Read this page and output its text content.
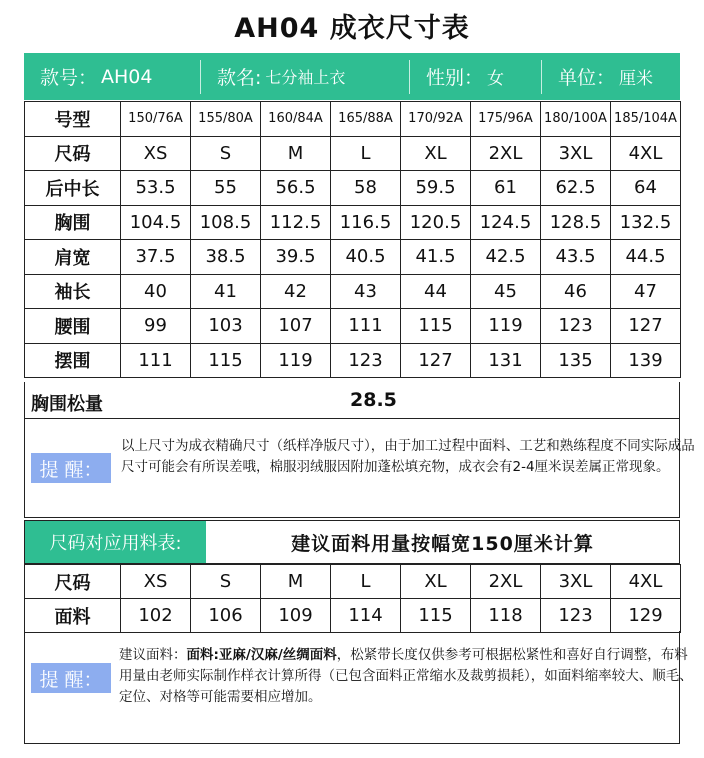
AH04 成衣尺寸表
款号： AH04	款名: 七分袖上衣	性别： 女	单位： 厘米
号型	150/76A	155/80A	160/84A	165/88A	170/92A	175/96A	180/100A	185/104A
尺码	XS	S	M	L	XL	2XL	3XL	4XL
后中长	53.5	55	56.5	58	59.5	61	62.5	64
胸围	104.5	108.5	112.5	116.5	120.5	124.5	128.5	132.5
肩宽	37.5	38.5	39.5	40.5	41.5	42.5	43.5	44.5
袖长	40	41	42	43	44	45	46	47
腰围	99	103	107	111	115	119	123	127
摆围	111	115	119	123	127	131	135	139
胸围松量	28.5
提 醒：
以上尺寸为成衣精确尺寸（纸样净版尺寸），由于加工过程中面料、工艺和熟练程度不同实际成品尺寸可能会有所误差哦，棉服羽绒服因附加蓬松填充物，成衣会有2-4厘米误差属正常现象。
尺码对应用料表:	建议面料用量按幅宽150厘米计算
尺码	XS	S	M	L	XL	2XL	3XL	4XL
面料	102	106	109	114	115	118	123	129
提 醒：
建议面料：面料:亚麻/汉麻/丝绸面料，松紧带长度仅供参考可根据松紧性和喜好自行调整，布料用量由老师实际制作样衣计算所得（已包含面料正常缩水及裁剪损耗），如面料缩率较大、顺毛、定位、对格等可能需要相应增加。
